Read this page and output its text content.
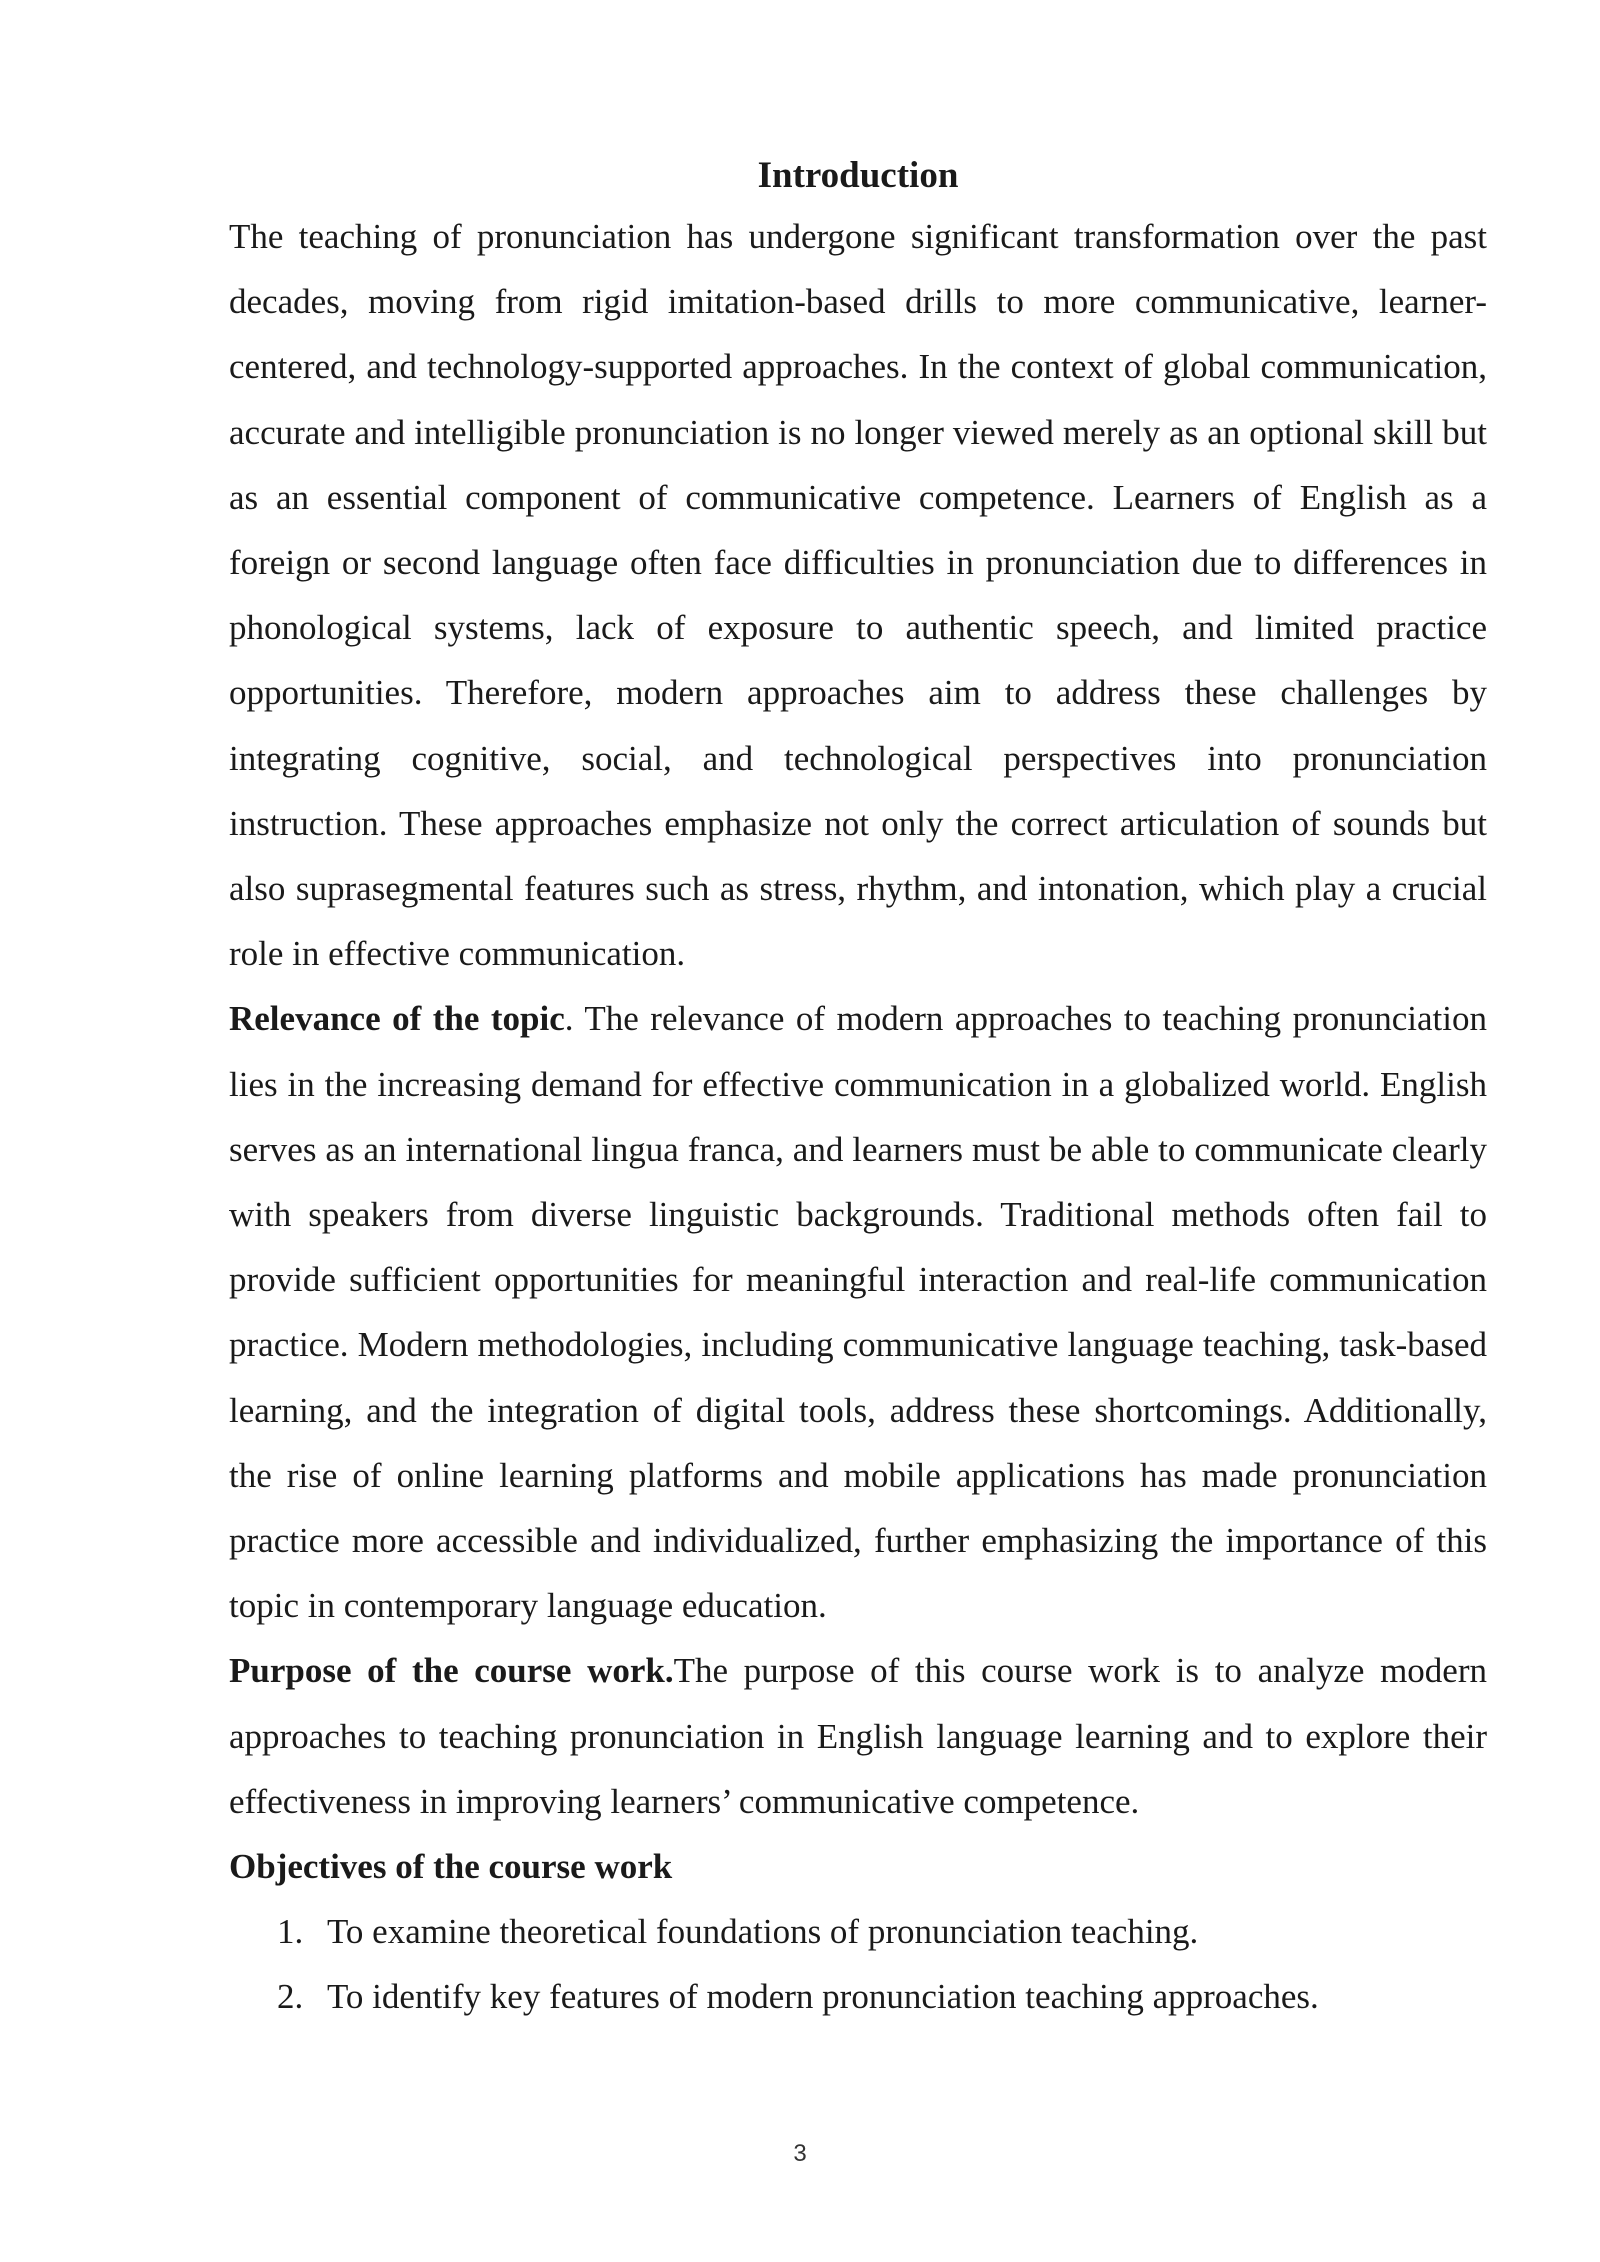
Introduction

The teaching of pronunciation has undergone significant transformation over the past decades, moving from rigid imitation-based drills to more communicative, learner-centered, and technology-supported approaches. In the context of global communication, accurate and intelligible pronunciation is no longer viewed merely as an optional skill but as an essential component of communicative competence. Learners of English as a foreign or second language often face difficulties in pronunciation due to differences in phonological systems, lack of exposure to authentic speech, and limited practice opportunities. Therefore, modern approaches aim to address these challenges by integrating cognitive, social, and technological perspectives into pronunciation instruction. These approaches emphasize not only the correct articulation of sounds but also suprasegmental features such as stress, rhythm, and intonation, which play a crucial role in effective communication.

Relevance of the topic. The relevance of modern approaches to teaching pronunciation lies in the increasing demand for effective communication in a globalized world. English serves as an international lingua franca, and learners must be able to communicate clearly with speakers from diverse linguistic backgrounds. Traditional methods often fail to provide sufficient opportunities for meaningful interaction and real-life communication practice. Modern methodologies, including communicative language teaching, task-based learning, and the integration of digital tools, address these shortcomings. Additionally, the rise of online learning platforms and mobile applications has made pronunciation practice more accessible and individualized, further emphasizing the importance of this topic in contemporary language education.

Purpose of the course work.The purpose of this course work is to analyze modern approaches to teaching pronunciation in English language learning and to explore their effectiveness in improving learners’ communicative competence.

Objectives of the course work
1. To examine theoretical foundations of pronunciation teaching.
2. To identify key features of modern pronunciation teaching approaches.
3
